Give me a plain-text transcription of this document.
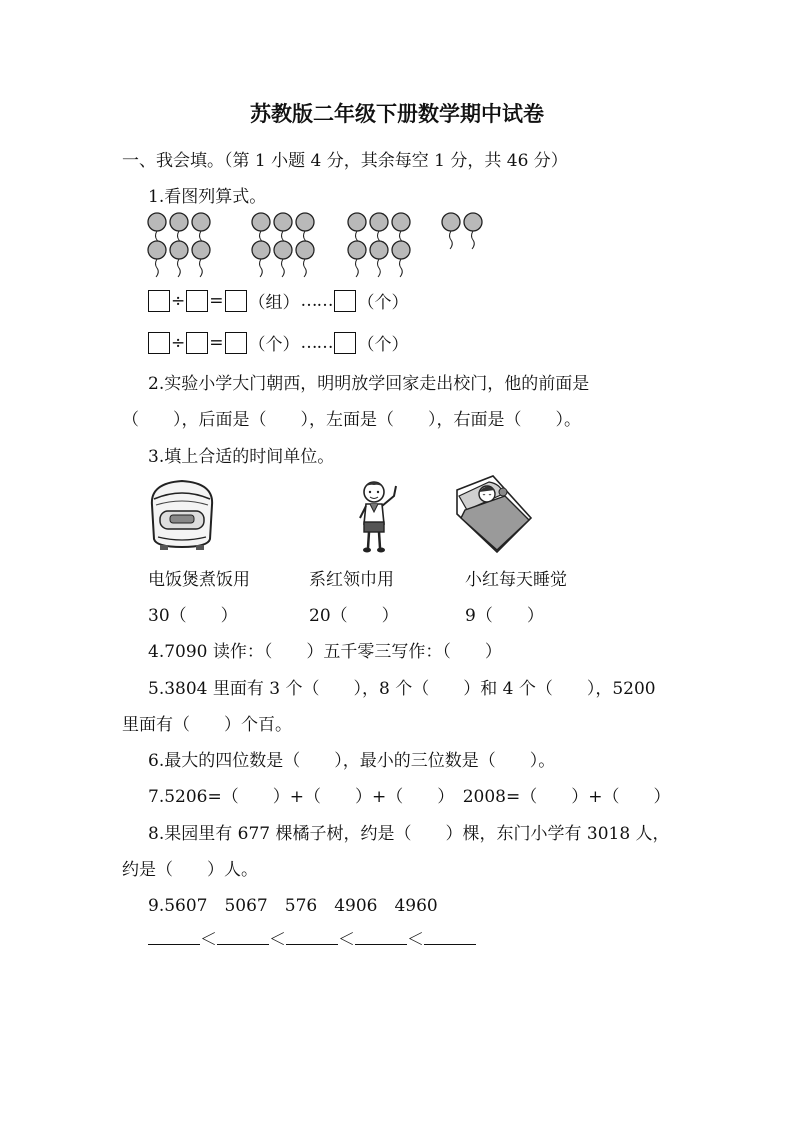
苏教版二年级下册数学期中试卷
一、我会填。（第 1 小题 4 分，其余每空 1 分，共 46 分）
1.看图列算式。
÷ = （组） …… （个）
÷ = （个） …… （个）
2.实验小学大门朝西，明明放学回家走出校门，他的前面是
（　　），后面是（　　），左面是（　　），右面是（　　）。
3.填上合适的时间单位。
电饭煲煮饭用	系红领巾用	小红每天睡觉
30（　　）	20（　　）	9（　　）
4.7090 读作：（　　）五千零三写作：（　　）
5.3804 里面有 3 个（　　），8 个（　　）和 4 个（　　），5200
里面有（　　）个百。
6.最大的四位数是（　　），最小的三位数是（　　）。
7.5206=（　　）+（　　）+（　　）　2008=（　　）+（　　）
8.果园里有 677 棵橘子树，约是（　　）棵，东门小学有 3018 人，
约是（　　）人。
9.5607　5067　576　4906　4960
＜	＜	＜	＜
